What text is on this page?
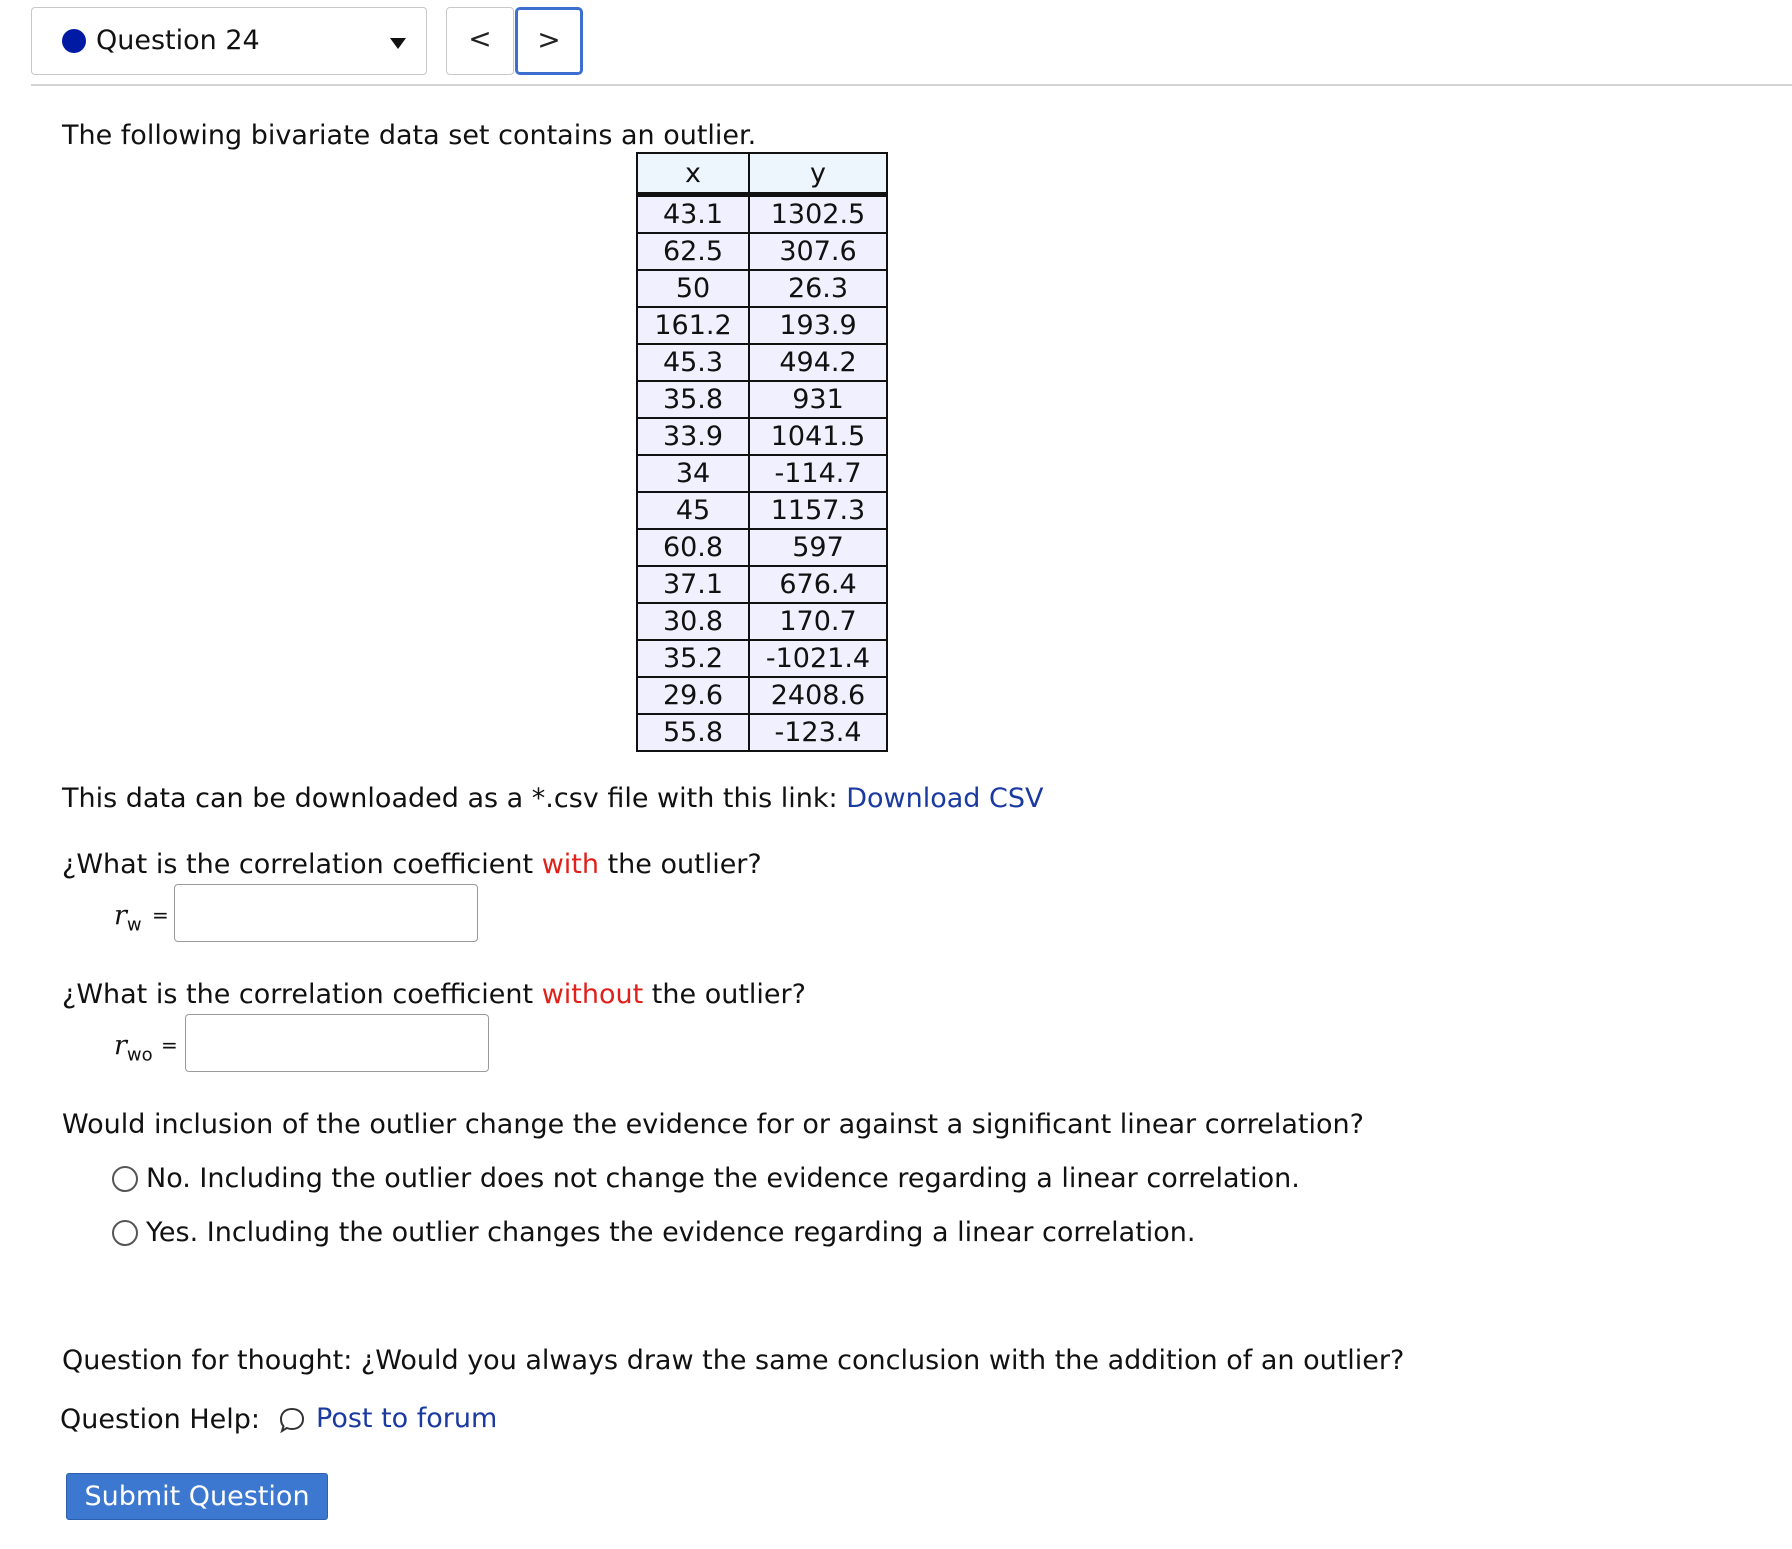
Question 24	<	>
The following bivariate data set contains an outlier.
x	y
43.1	1302.5
62.5	307.6
50	26.3
161.2	193.9
45.3	494.2
35.8	931
33.9	1041.5
34	-114.7
45	1157.3
60.8	597
37.1	676.4
30.8	170.7
35.2	-1021.4
29.6	2408.6
55.8	-123.4
This data can be downloaded as a *.csv file with this link: Download CSV
¿What is the correlation coefficient with the outlier?
$r_w$ =
¿What is the correlation coefficient without the outlier?
$r_{wo}$ =
Would inclusion of the outlier change the evidence for or against a significant linear correlation?
No. Including the outlier does not change the evidence regarding a linear correlation.
Yes. Including the outlier changes the evidence regarding a linear correlation.
Question for thought: ¿Would you always draw the same conclusion with the addition of an outlier?
Question Help: Post to forum
Submit Question
